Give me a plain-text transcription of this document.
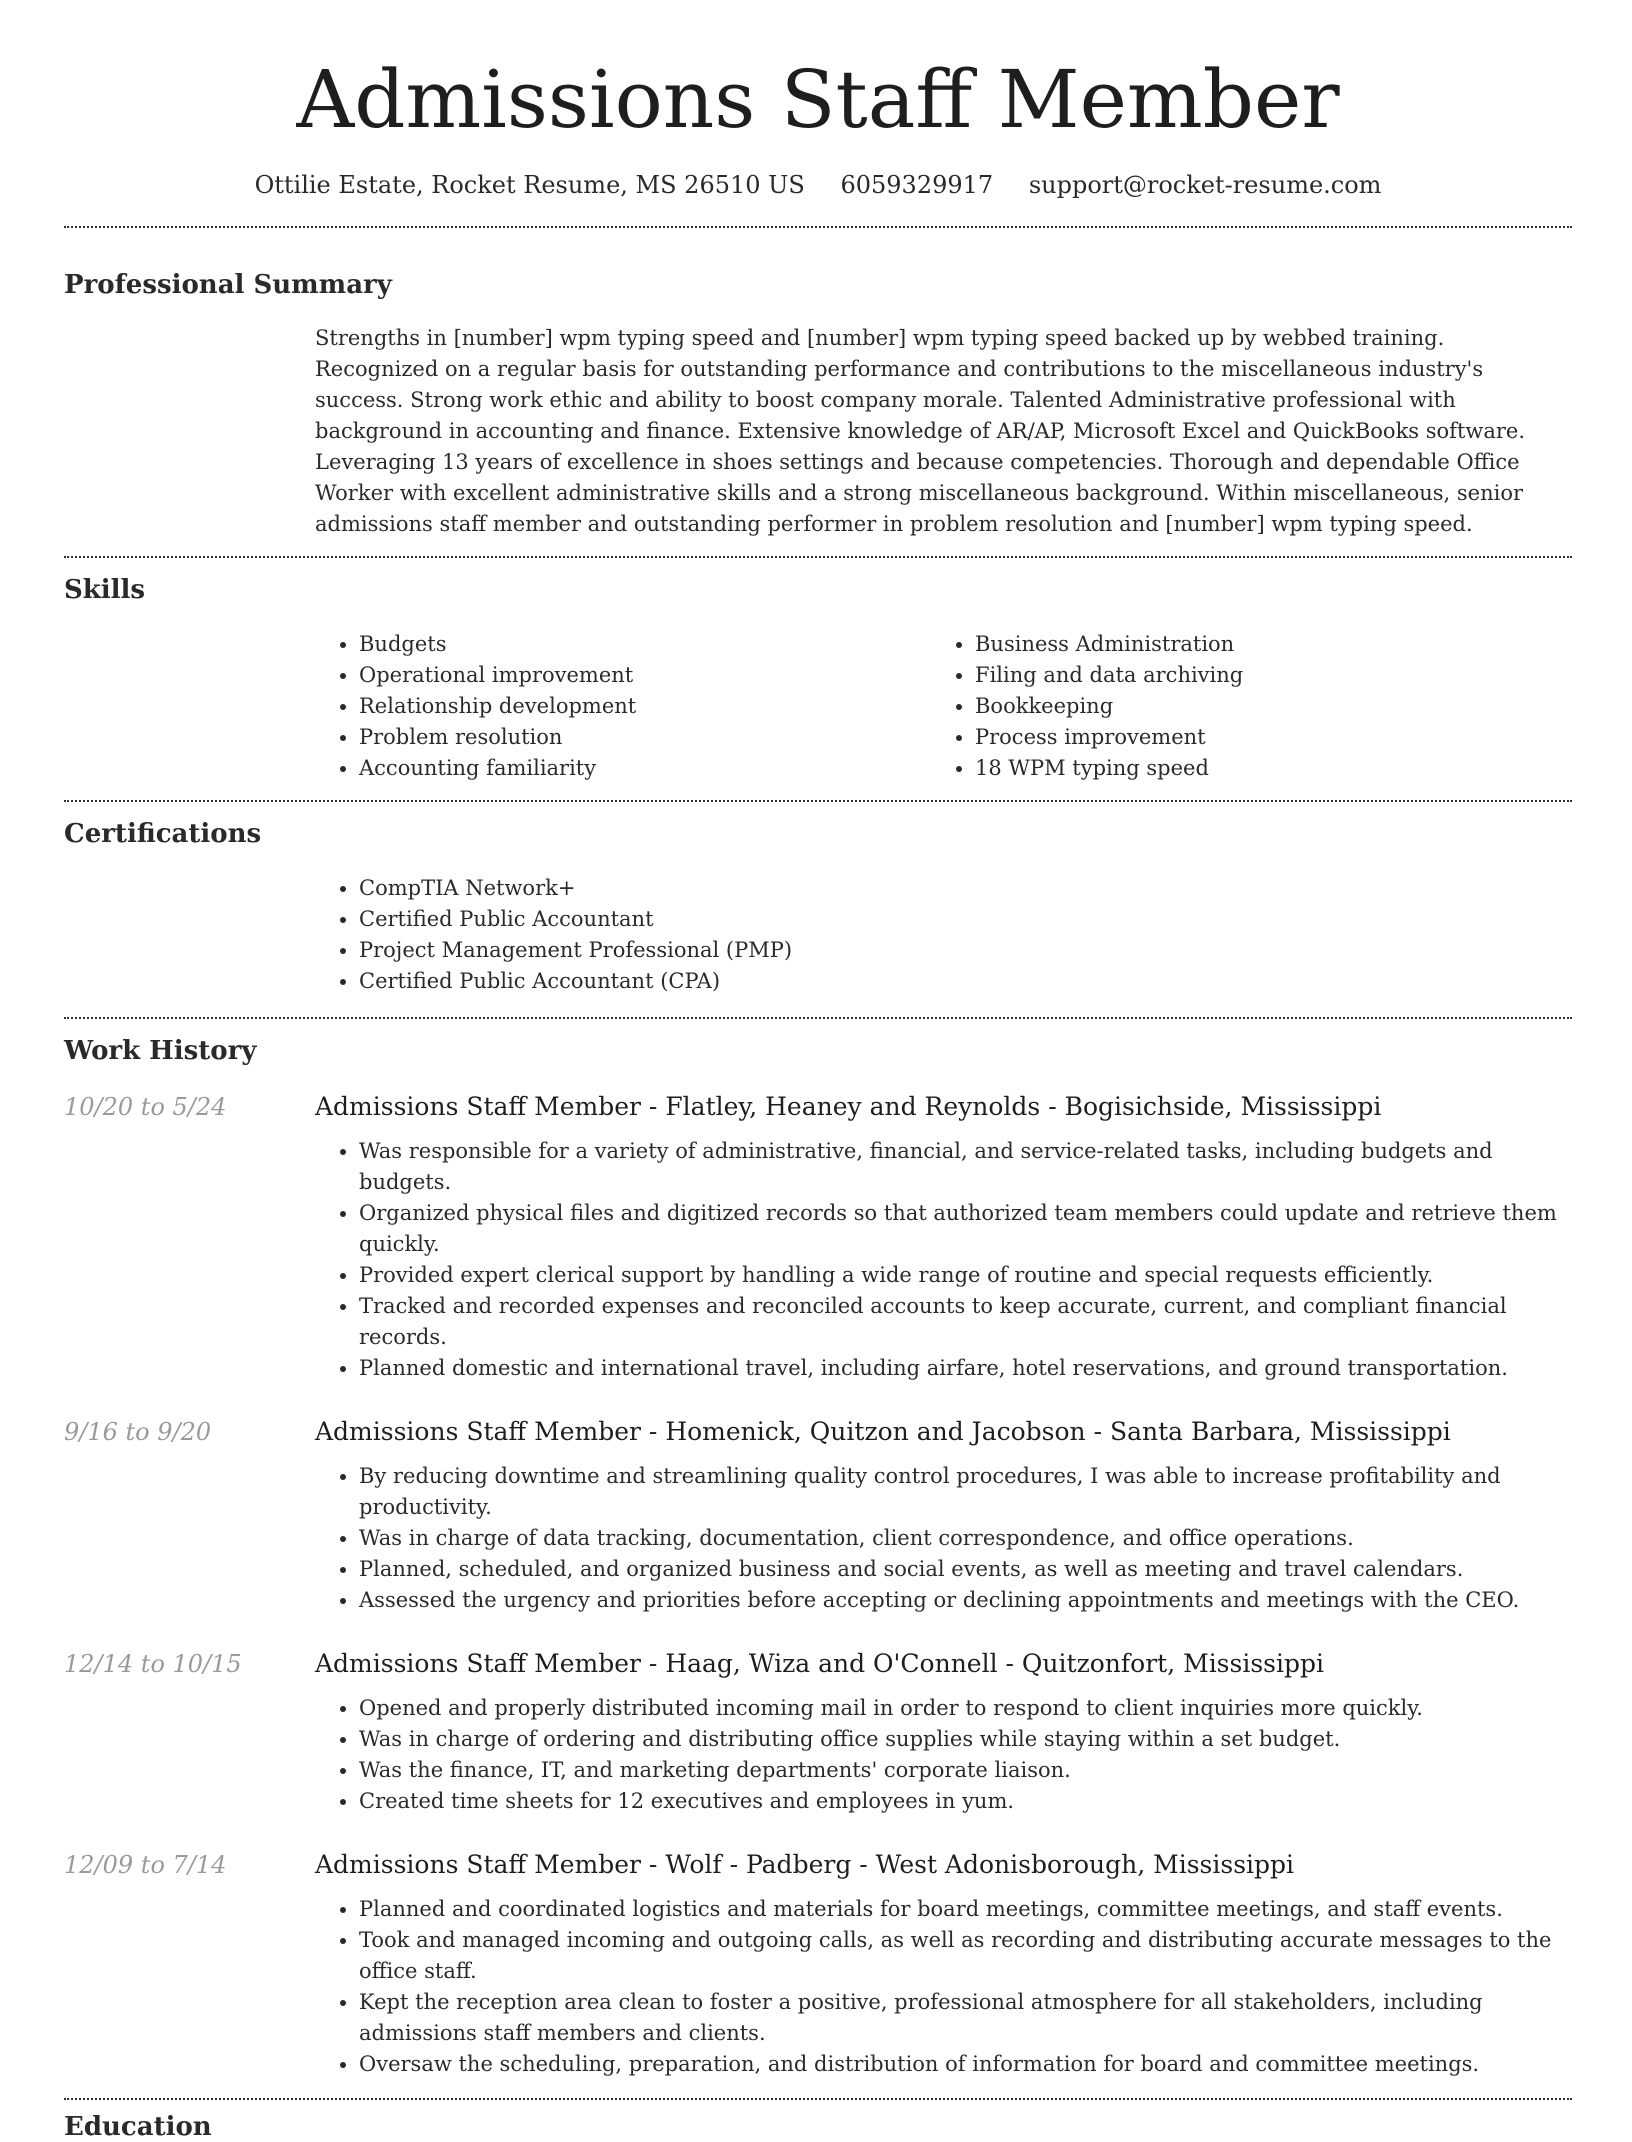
Admissions Staff Member
Ottilie Estate, Rocket Resume, MS 26510 US 6059329917 support@rocket-resume.com
Professional Summary

Strengths in [number] wpm typing speed and [number] wpm typing speed backed up by webbed training. Recognized on a regular basis for outstanding performance and contributions to the miscellaneous industry's success. Strong work ethic and ability to boost company morale. Talented Administrative professional with background in accounting and finance. Extensive knowledge of AR/AP, Microsoft Excel and QuickBooks software. Leveraging 13 years of excellence in shoes settings and because competencies. Thorough and dependable Office Worker with excellent administrative skills and a strong miscellaneous background. Within miscellaneous, senior admissions staff member and outstanding performer in problem resolution and [number] wpm typing speed.

Skills
• Budgets
• Operational improvement
• Relationship development
• Problem resolution
• Accounting familiarity
• Business Administration
• Filing and data archiving
• Bookkeeping
• Process improvement
• 18 WPM typing speed
Certifications
• CompTIA Network+
• Certified Public Accountant
• Project Management Professional (PMP)
• Certified Public Accountant (CPA)
Work History
10/20 to 5/24	Admissions Staff Member - Flatley, Heaney and Reynolds - Bogisichside, Mississippi
• Was responsible for a variety of administrative, financial, and service-related tasks, including budgets and budgets.
• Organized physical files and digitized records so that authorized team members could update and retrieve them quickly.
• Provided expert clerical support by handling a wide range of routine and special requests efficiently.
• Tracked and recorded expenses and reconciled accounts to keep accurate, current, and compliant financial records.
• Planned domestic and international travel, including airfare, hotel reservations, and ground transportation.
9/16 to 9/20	Admissions Staff Member - Homenick, Quitzon and Jacobson - Santa Barbara, Mississippi
• By reducing downtime and streamlining quality control procedures, I was able to increase profitability and productivity.
• Was in charge of data tracking, documentation, client correspondence, and office operations.
• Planned, scheduled, and organized business and social events, as well as meeting and travel calendars.
• Assessed the urgency and priorities before accepting or declining appointments and meetings with the CEO.
12/14 to 10/15	Admissions Staff Member - Haag, Wiza and O'Connell - Quitzonfort, Mississippi
• Opened and properly distributed incoming mail in order to respond to client inquiries more quickly.
• Was in charge of ordering and distributing office supplies while staying within a set budget.
• Was the finance, IT, and marketing departments' corporate liaison.
• Created time sheets for 12 executives and employees in yum.
12/09 to 7/14	Admissions Staff Member - Wolf - Padberg - West Adonisborough, Mississippi
• Planned and coordinated logistics and materials for board meetings, committee meetings, and staff events.
• Took and managed incoming and outgoing calls, as well as recording and distributing accurate messages to the office staff.
• Kept the reception area clean to foster a positive, professional atmosphere for all stakeholders, including admissions staff members and clients.
• Oversaw the scheduling, preparation, and distribution of information for board and committee meetings.
Education
